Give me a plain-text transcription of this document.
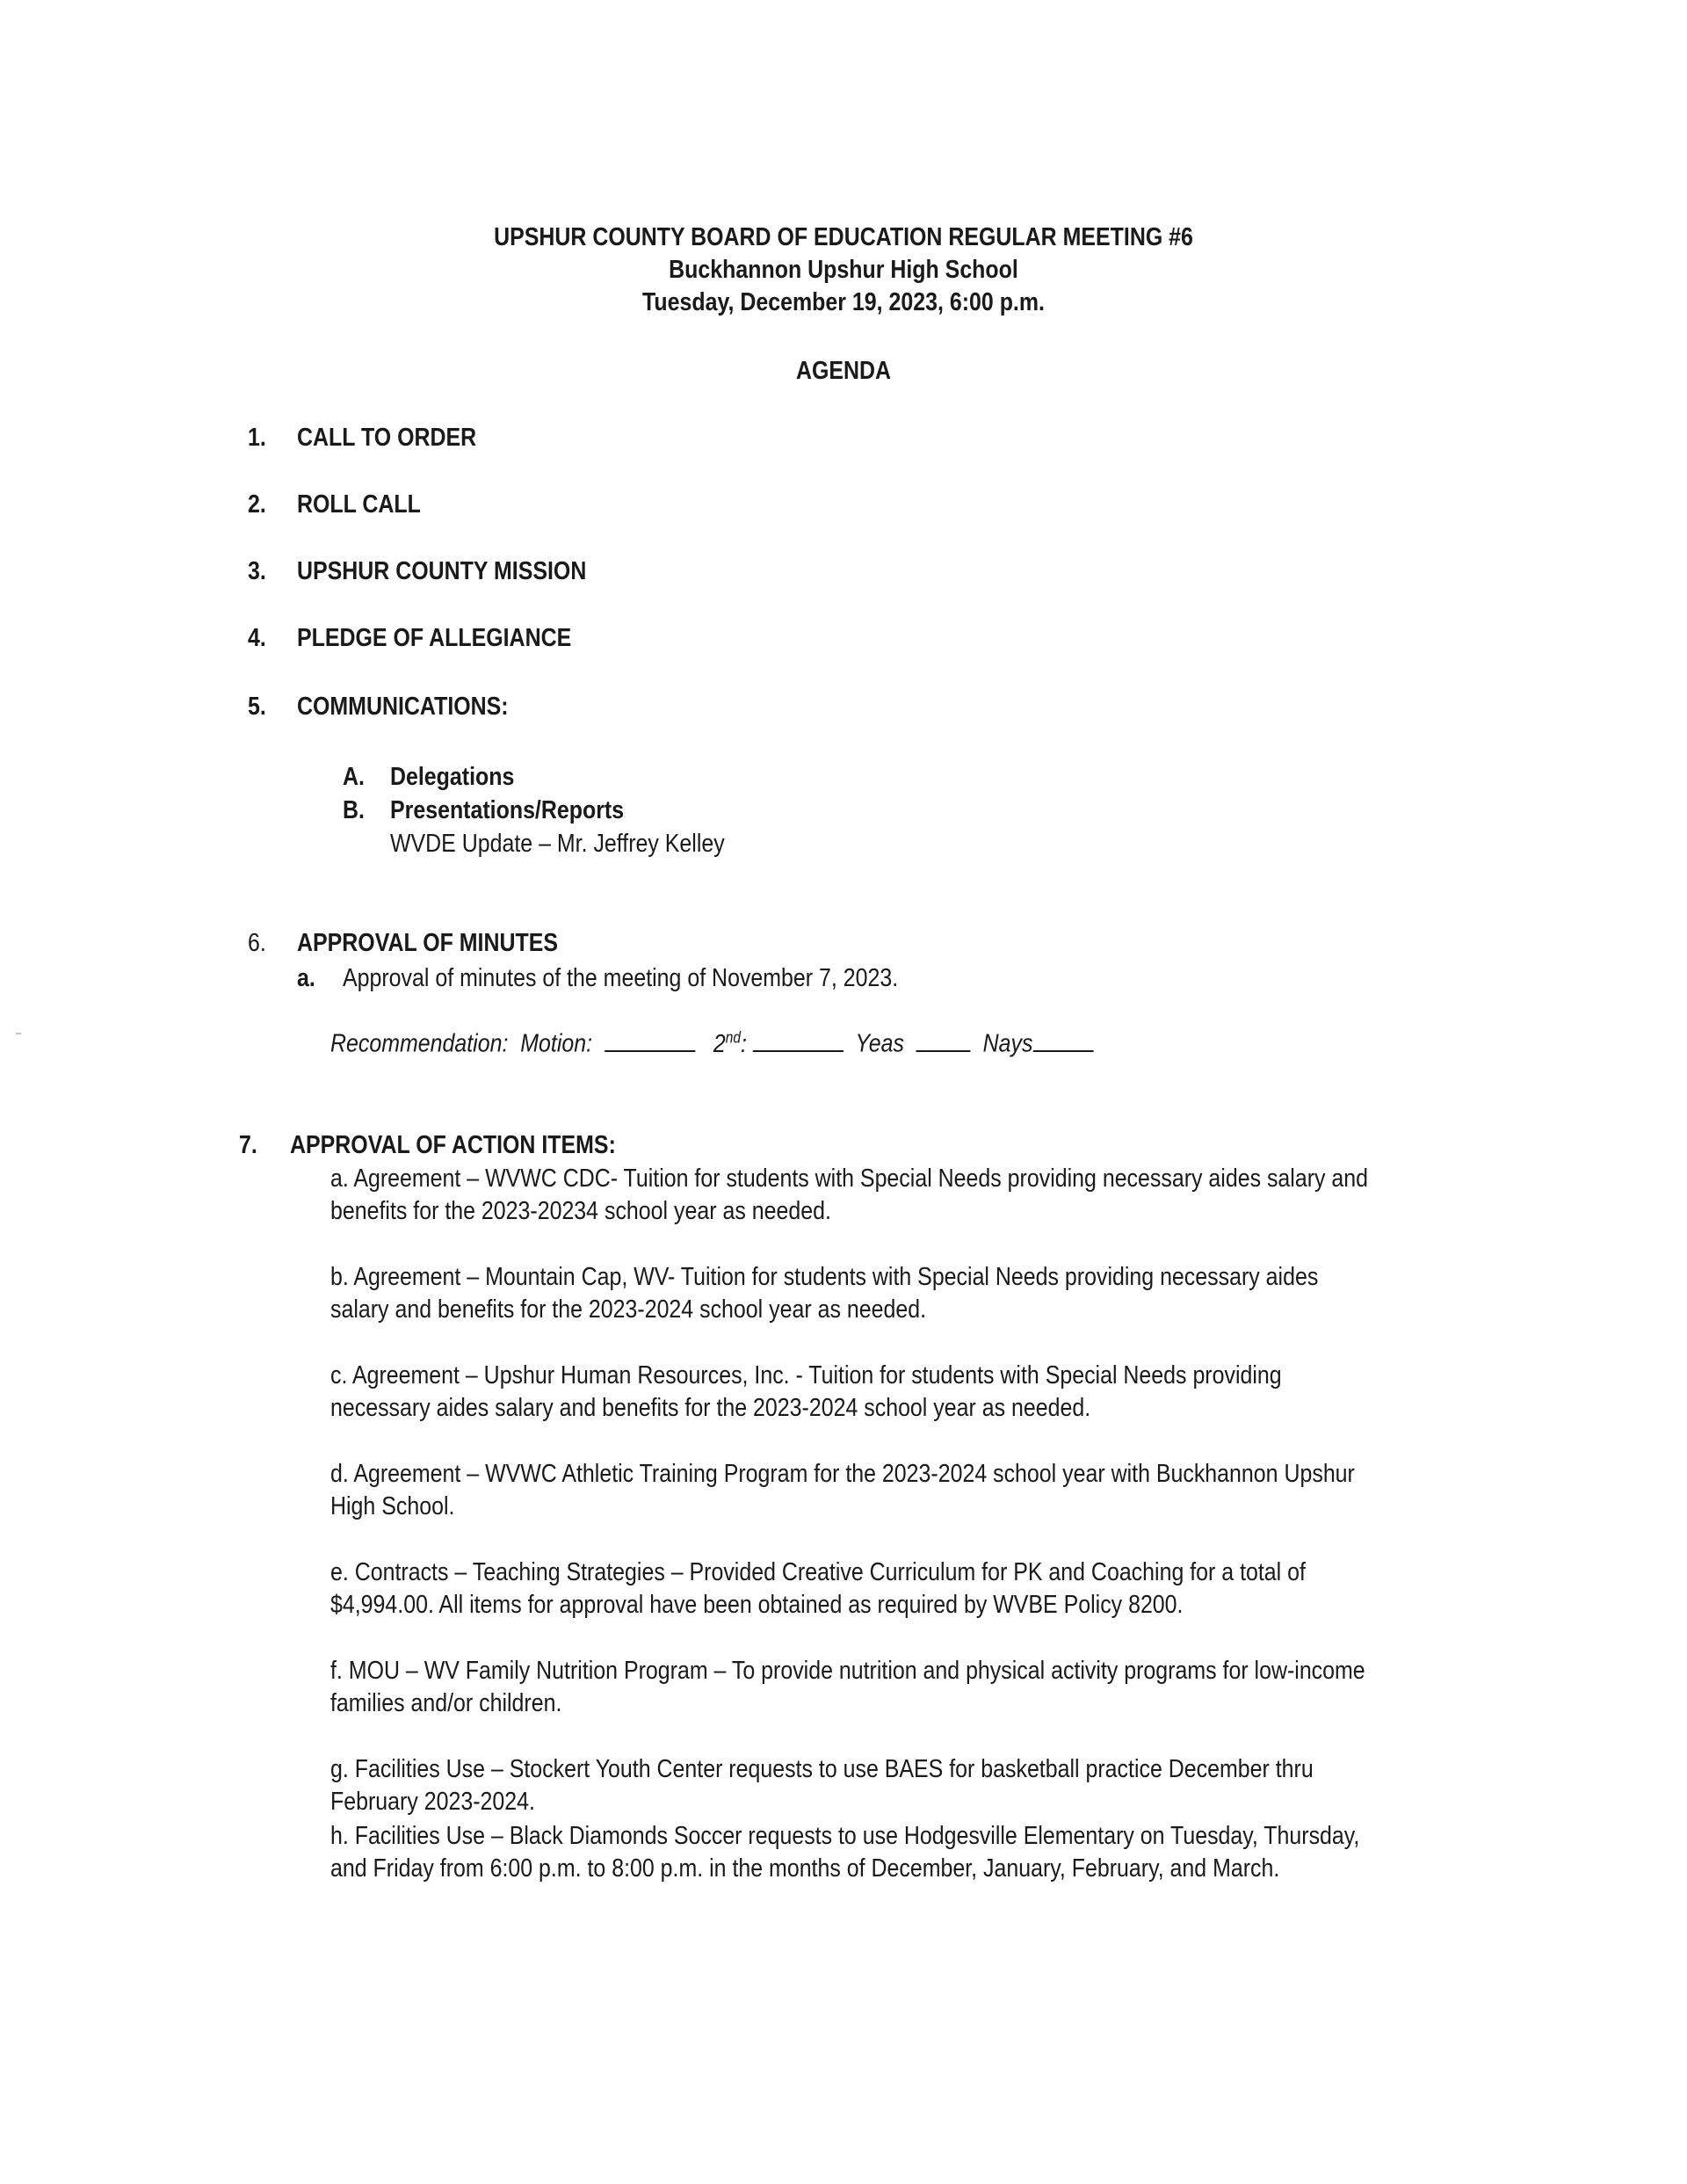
UPSHUR COUNTY BOARD OF EDUCATION REGULAR MEETING #6
Buckhannon Upshur High School
Tuesday, December 19, 2023, 6:00 p.m.
AGENDA
1. CALL TO ORDER
2. ROLL CALL
3. UPSHUR COUNTY MISSION
4. PLEDGE OF ALLEGIANCE
5. COMMUNICATIONS:
A. Delegations
B. Presentations/Reports
WVDE Update – Mr. Jeffrey Kelley
6. APPROVAL OF MINUTES
a. Approval of minutes of the meeting of November 7, 2023.
Recommendation: Motion:	2nd:	Yeas	Nays
7. APPROVAL OF ACTION ITEMS:
a. Agreement – WVWC CDC- Tuition for students with Special Needs providing necessary aides salary and
benefits for the 2023-20234 school year as needed.
b. Agreement – Mountain Cap, WV- Tuition for students with Special Needs providing necessary aides
salary and benefits for the 2023-2024 school year as needed.
c. Agreement – Upshur Human Resources, Inc. - Tuition for students with Special Needs providing
necessary aides salary and benefits for the 2023-2024 school year as needed.
d. Agreement – WVWC Athletic Training Program for the 2023-2024 school year with Buckhannon Upshur
High School.
e. Contracts – Teaching Strategies – Provided Creative Curriculum for PK and Coaching for a total of
$4,994.00. All items for approval have been obtained as required by WVBE Policy 8200.
f. MOU – WV Family Nutrition Program – To provide nutrition and physical activity programs for low-income
families and/or children.
g. Facilities Use – Stockert Youth Center requests to use BAES for basketball practice December thru
February 2023-2024.
h. Facilities Use – Black Diamonds Soccer requests to use Hodgesville Elementary on Tuesday, Thursday,
and Friday from 6:00 p.m. to 8:00 p.m. in the months of December, January, February, and March.
